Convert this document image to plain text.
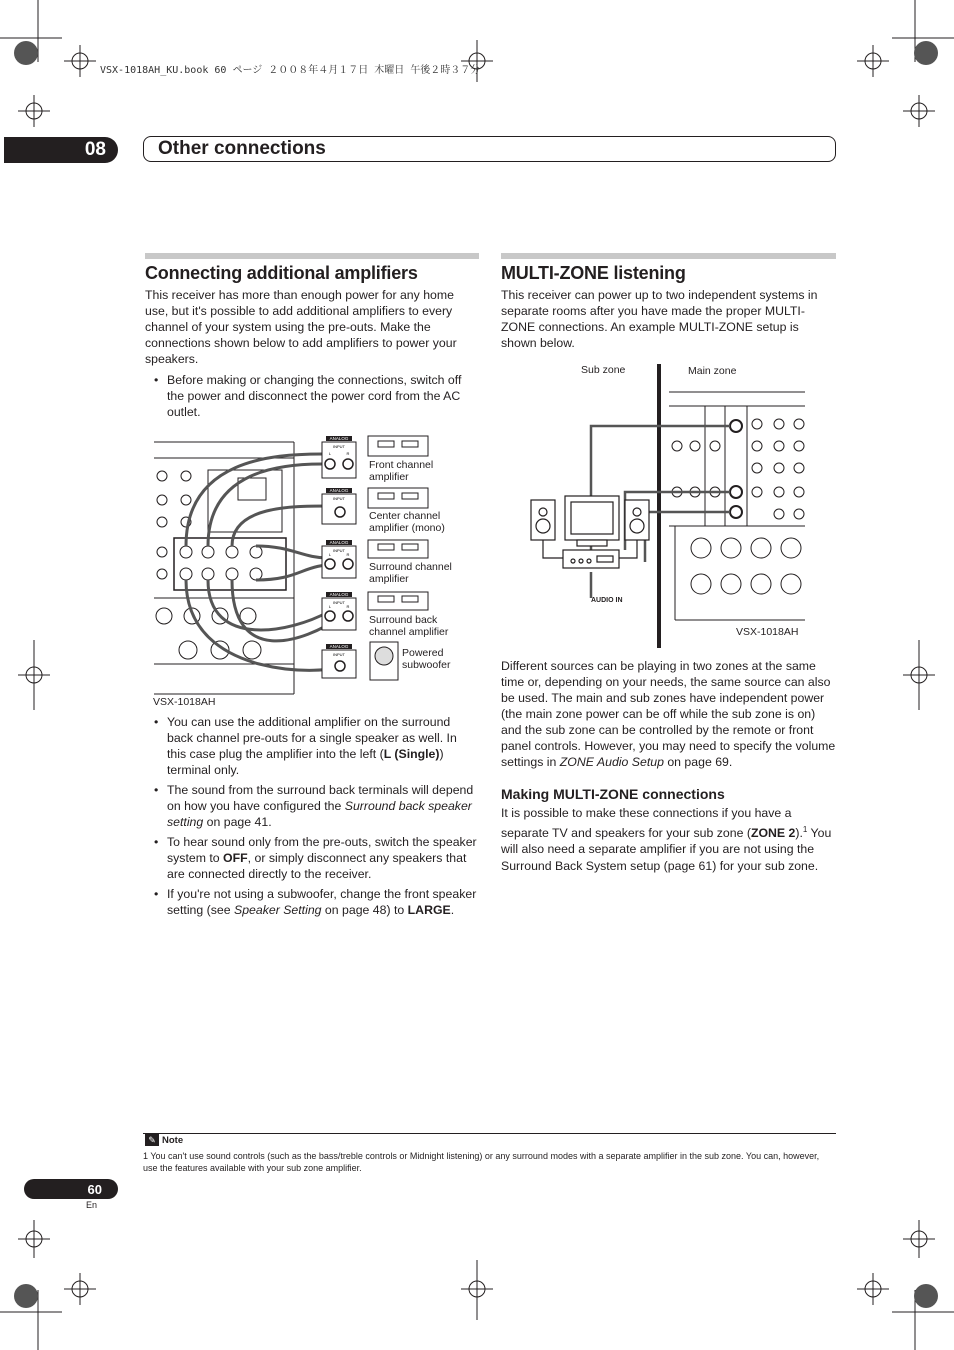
VSX-1018AH_KU.book 60 ページ ２００８年４月１７日 木曜日 午後２時３７分
08	Other connections
Connecting additional amplifiers

This receiver has more than enough power for any home use, but it's possible to add additional amplifiers to every channel of your system using the pre-outs. Make the connections shown below to add amplifiers to power your speakers.

• Before making or changing the connections, switch off the power and disconnect the power cord from the AC outlet.
ANALOG
ANALOG
ANALOG
ANALOG
ANALOG
INPUT
INPUT
INPUT
INPUT
INPUT
L	R
L	R
L	R
Front channel amplifier
Center channel amplifier (mono)
Surround channel amplifier
Surround back channel amplifier
Powered subwoofer
VSX-1018AH
• You can use the additional amplifier on the surround back channel pre-outs for a single speaker as well. In this case plug the amplifier into the left (L (Single)) terminal only.
• The sound from the surround back terminals will depend on how you have configured the Surround back speaker setting on page 41.
• To hear sound only from the pre-outs, switch the speaker system to OFF, or simply disconnect any speakers that are connected directly to the receiver.
• If you're not using a subwoofer, change the front speaker setting (see Speaker Setting on page 48) to LARGE.
MULTI-ZONE listening

This receiver can power up to two independent systems in separate rooms after you have made the proper MULTI-ZONE connections. An example MULTI-ZONE setup is shown below.

Sub zone	Main zone
AUDIO IN
VSX-1018AH

Different sources can be playing in two zones at the same time or, depending on your needs, the same source can also be used. The main and sub zones have independent power (the main zone power can be off while the sub zone is on) and the sub zone can be controlled by the remote or front panel controls. However, you may need to specify the volume settings in ZONE Audio Setup on page 69.

Making MULTI-ZONE connections

It is possible to make these connections if you have a separate TV and speakers for your sub zone (ZONE 2).$^1$ You will also need a separate amplifier if you are not using the Surround Back System setup (page 61) for your sub zone.

✎ Note
1 You can't use sound controls (such as the bass/treble controls or Midnight listening) or any surround modes with a separate amplifier in the sub zone. You can, however, use the features available with your sub zone amplifier.
60
En
